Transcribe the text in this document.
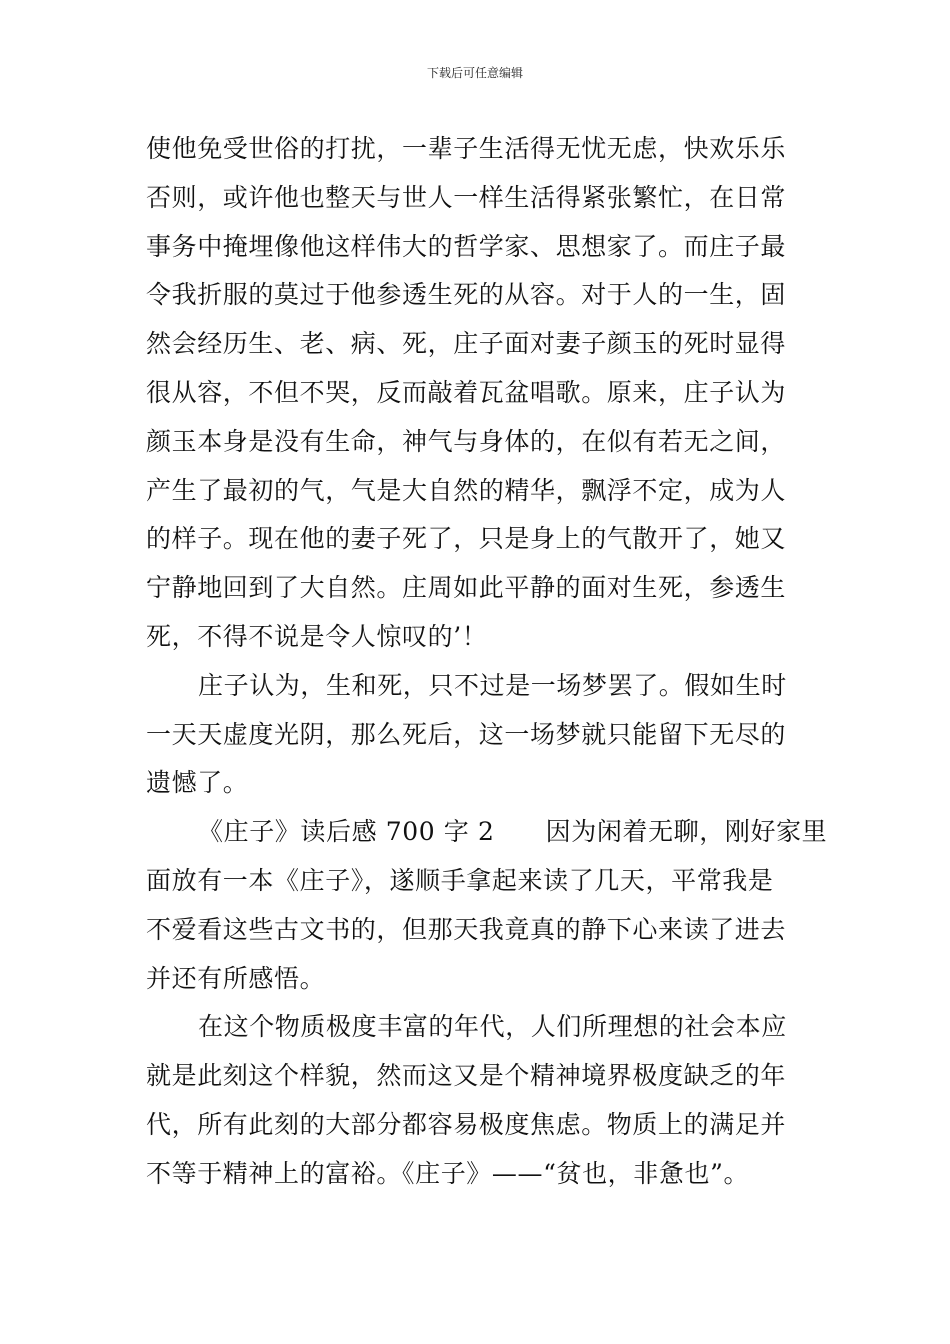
下载后可任意编辑
使他免受世俗的打扰，一辈子生活得无忧无虑，快欢乐乐
否则，或许他也整天与世人一样生活得紧张繁忙，在日常
事务中掩埋像他这样伟大的哲学家、思想家了。而庄子最
令我折服的莫过于他参透生死的从容。对于人的一生，固
然会经历生、老、病、死，庄子面对妻子颜玉的死时显得
很从容，不但不哭，反而敲着瓦盆唱歌。原来，庄子认为
颜玉本身是没有生命，神气与身体的，在似有若无之间，
产生了最初的气，气是大自然的精华，飘浮不定，成为人
的样子。现在他的妻子死了，只是身上的气散开了，她又
宁静地回到了大自然。庄周如此平静的面对生死，参透生
死，不得不说是令人惊叹的’！
庄子认为，生和死，只不过是一场梦罢了。假如生时
一天天虚度光阴，那么死后，这一场梦就只能留下无尽的
遗憾了。
《庄子》读后感 700 字 2　　因为闲着无聊，刚好家里
面放有一本《庄子》，遂顺手拿起来读了几天，平常我是
不爱看这些古文书的，但那天我竟真的静下心来读了进去
并还有所感悟。
在这个物质极度丰富的年代，人们所理想的社会本应
就是此刻这个样貌，然而这又是个精神境界极度缺乏的年
代，所有此刻的大部分都容易极度焦虑。物质上的满足并
不等于精神上的富裕。《庄子》——“贫也，非惫也”。
